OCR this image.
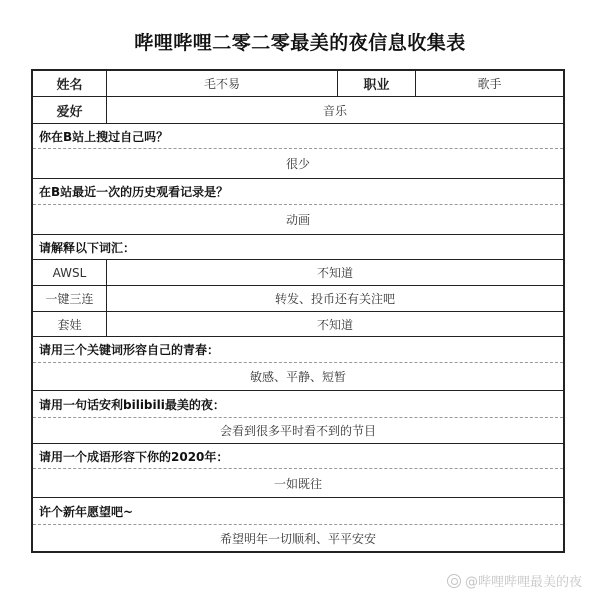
哔哩哔哩二零二零最美的夜信息收集表
姓名	毛不易	职业	歌手
爱好	音乐
你在B站上搜过自己吗？
很少
在B站最近一次的历史观看记录是？
动画
请解释以下词汇：
AWSL	不知道
一键三连	转发、投币还有关注吧
套娃	不知道
请用三个关键词形容自己的青春：
敏感、平静、短暂
请用一句话安利bilibili最美的夜：
会看到很多平时看不到的节目
请用一个成语形容下你的2020年：
一如既往
许个新年愿望吧~
希望明年一切顺利、平平安安
@哔哩哔哩最美的夜
